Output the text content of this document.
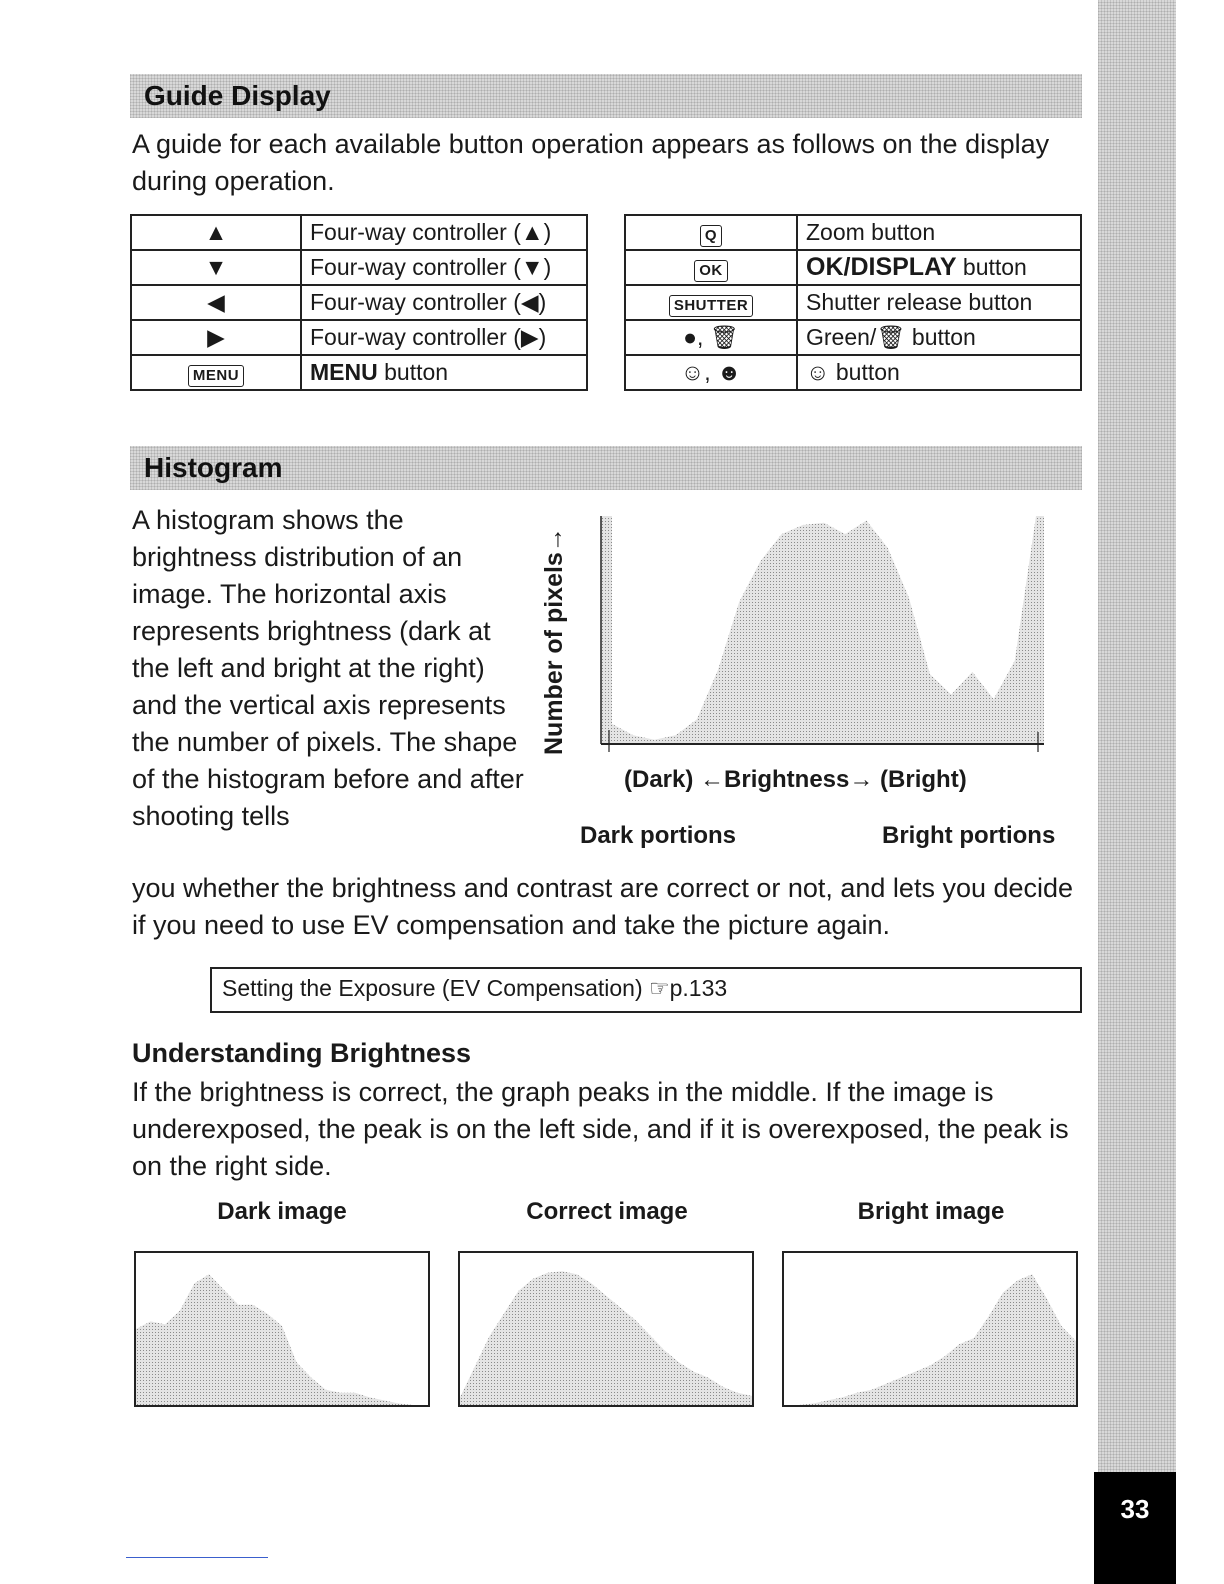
33
Guide Display

A guide for each available button operation appears as follows on the display during operation.

▲	Four-way controller (▲)
▼	Four-way controller (▼)
◀	Four-way controller (◀)
▶	Four-way controller (▶)
MENU	MENU button
Q	Zoom button
OK	OK/DISPLAY button
SHUTTER	Shutter release button
●, 🗑	Green/🗑 button
☺, ☻	☺ button
Histogram

A histogram shows the brightness distribution of an image. The horizontal axis represents brightness (dark at the left and bright at the right) and the vertical axis represents the number of pixels. The shape of the histogram before and after shooting tells

you whether the brightness and contrast are correct or not, and lets you decide if you need to use EV compensation and take the picture again.

Number of pixels→
(Dark) ←Brightness→ (Bright)
Dark portions	Bright portions
Setting the Exposure (EV Compensation) ☞p.133
Understanding Brightness

If the brightness is correct, the graph peaks in the middle. If the image is underexposed, the peak is on the left side, and if it is overexposed, the peak is on the right side.

Dark image	Correct image	Bright image
